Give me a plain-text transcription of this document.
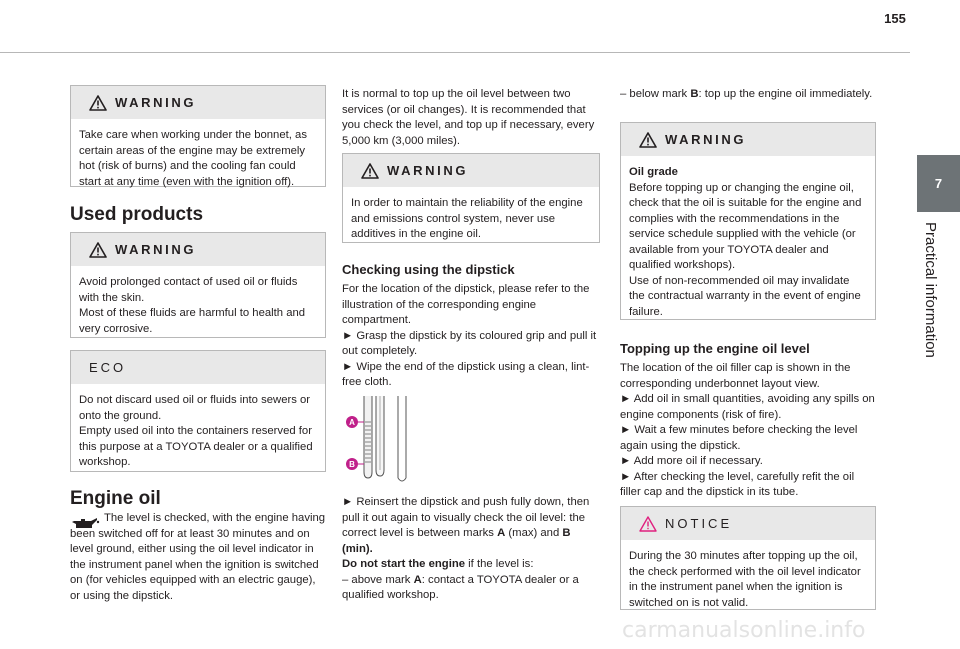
155
7
Practical information
WARNING

Take care when working under the bonnet, as certain areas of the engine may be extremely hot (risk of burns) and the cooling fan could start at any time (even with the ignition off).

Used products
WARNING

Avoid prolonged contact of used oil or fluids with the skin.

Most of these fluids are harmful to health and very corrosive.

ECO

Do not discard used oil or fluids into sewers or onto the ground.

Empty used oil into the containers reserved for this purpose at a TOYOTA dealer or a qualified workshop.

Engine oil

The level is checked, with the engine having been switched off for at least 30 minutes and on level ground, either using the oil level indicator in the instrument panel when the ignition is switched on (for vehicles equipped with an electric gauge), or using the dipstick.

It is normal to top up the oil level between two services (or oil changes). It is recommended that you check the level, and top up if necessary, every 5,000 km (3,000 miles).

WARNING

In order to maintain the reliability of the engine and emissions control system, never use additives in the engine oil.

Checking using the dipstick

For the location of the dipstick, please refer to the illustration of the corresponding engine compartment.

► Grasp the dipstick by its coloured grip and pull it out completely.

► Wipe the end of the dipstick using a clean, lint-free cloth.

A
B

► Reinsert the dipstick and push fully down, then pull it out again to visually check the oil level: the correct level is between marks A (max) and B (min).

Do not start the engine if the level is:

– above mark A: contact a TOYOTA dealer or a qualified workshop.

– below mark B: top up the engine oil immediately.

WARNING

Oil grade

Before topping up or changing the engine oil, check that the oil is suitable for the engine and complies with the recommendations in the service schedule supplied with the vehicle (or available from your TOYOTA dealer and qualified workshops).

Use of non-recommended oil may invalidate the contractual warranty in the event of engine failure.

Topping up the engine oil level

The location of the oil filler cap is shown in the corresponding underbonnet layout view.

► Add oil in small quantities, avoiding any spills on engine components (risk of fire).

► Wait a few minutes before checking the level again using the dipstick.

► Add more oil if necessary.

► After checking the level, carefully refit the oil filler cap and the dipstick in its tube.

NOTICE

During the 30 minutes after topping up the oil, the check performed with the oil level indicator in the instrument panel when the ignition is switched on is not valid.

carmanualsonline.info
